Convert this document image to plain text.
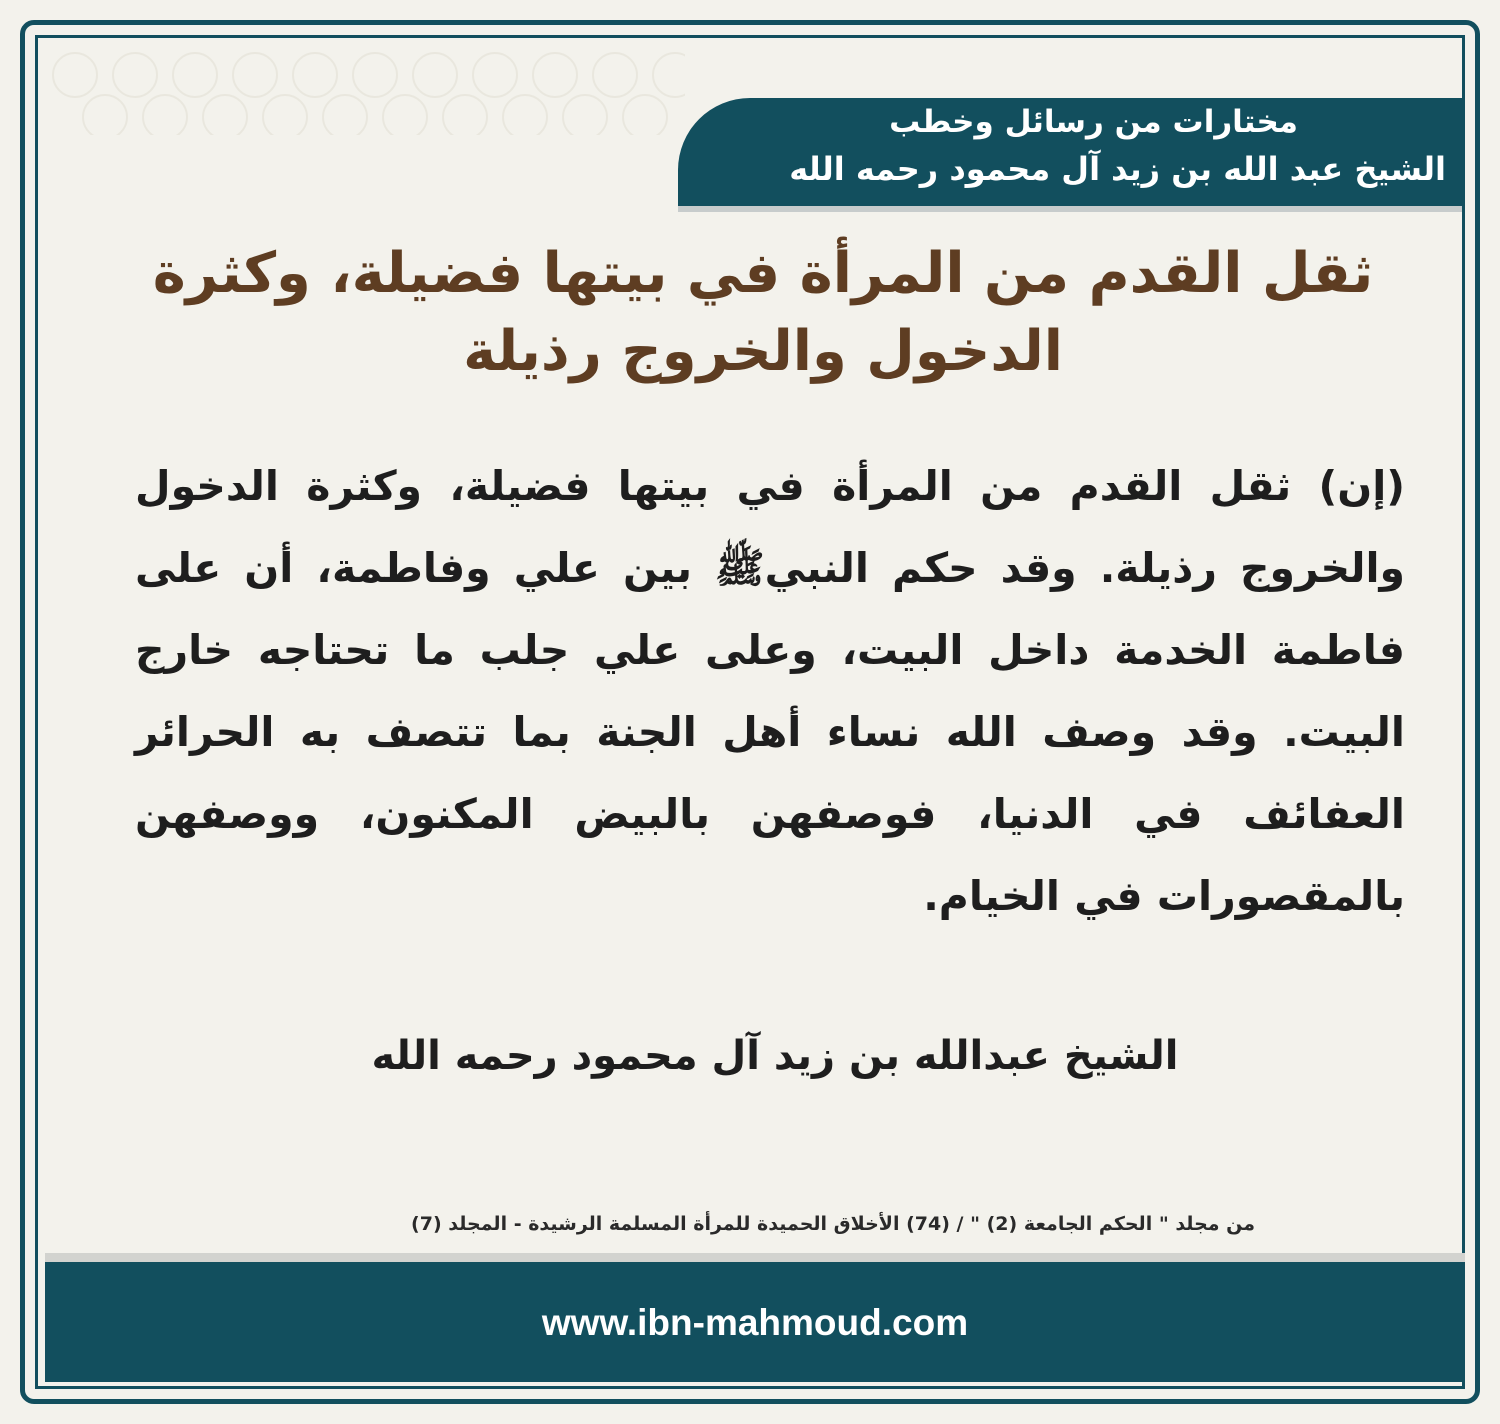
مختارات من رسائل وخطب
الشيخ عبد الله بن زيد آل محمود رحمه الله
ثقل القدم من المرأة في بيتها فضيلة، وكثرة الدخول والخروج رذيلة
(إن) ثقل القدم من المرأة في بيتها فضيلة، وكثرة الدخول والخروج رذيلة. وقد حكم النبيﷺ بين علي وفاطمة، أن على فاطمة الخدمة داخل البيت، وعلى علي جلب ما تحتاجه خارج البيت. وقد وصف الله نساء أهل الجنة بما تتصف به الحرائر العفائف في الدنيا، فوصفهن بالبيض المكنون، ووصفهن بالمقصورات في الخيام.
الشيخ عبدالله بن زيد آل محمود رحمه الله
من مجلد " الحكم الجامعة (2) " / (74) الأخلاق الحميدة للمرأة المسلمة الرشيدة - المجلد (7)
www.ibn-mahmoud.com
